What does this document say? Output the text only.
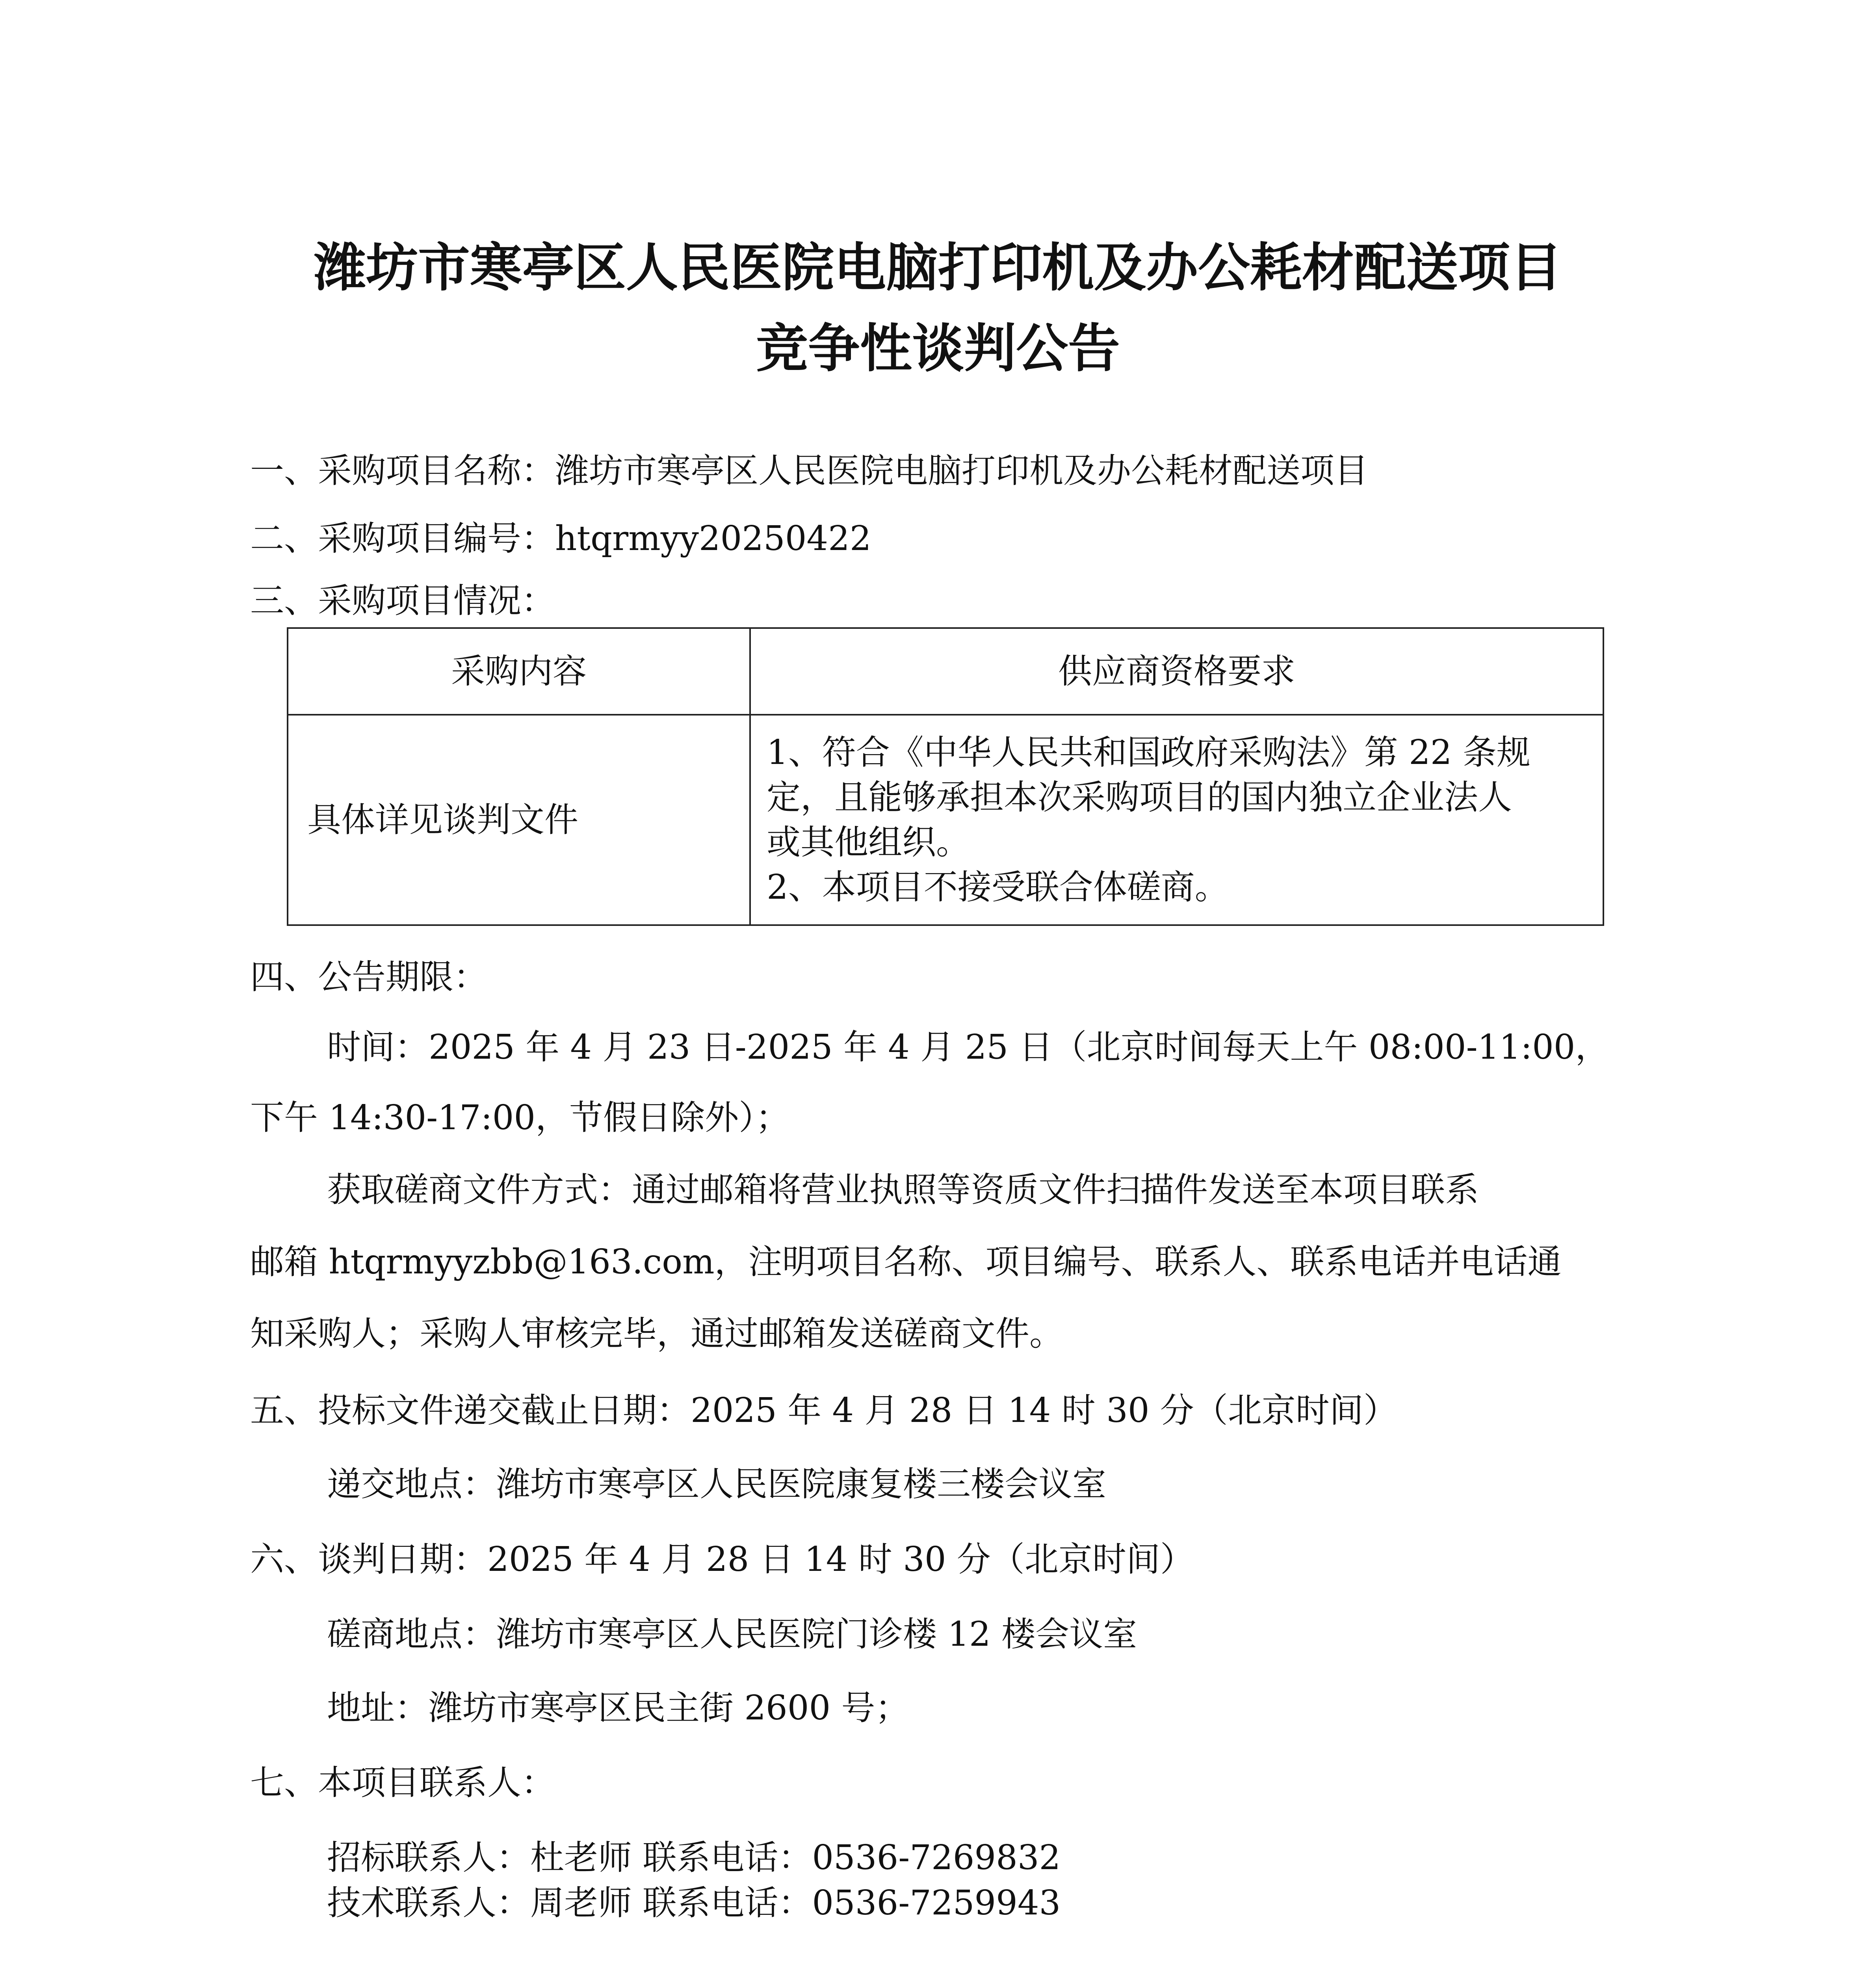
潍坊市寒亭区人民医院电脑打印机及办公耗材配送项目
竞争性谈判公告
一、采购项目名称：潍坊市寒亭区人民医院电脑打印机及办公耗材配送项目
二、采购项目编号：htqrmyy20250422
三、采购项目情况：
采购内容	供应商资格要求
具体详见谈判文件	1、符合《中华人民共和国政府采购法》第 22 条规
定，且能够承担本次采购项目的国内独立企业法人
或其他组织。
2、本项目不接受联合体磋商。
四、公告期限：
时间：2025 年 4 月 23 日-2025 年 4 月 25 日（北京时间每天上午 08:00-11:00，
下午 14:30-17:00，节假日除外）；
获取磋商文件方式：通过邮箱将营业执照等资质文件扫描件发送至本项目联系
邮箱 htqrmyyzbb@163.com，注明项目名称、项目编号、联系人、联系电话并电话通
知采购人；采购人审核完毕，通过邮箱发送磋商文件。
五、投标文件递交截止日期：2025 年 4 月 28 日 14 时 30 分（北京时间）
递交地点：潍坊市寒亭区人民医院康复楼三楼会议室
六、谈判日期：2025 年 4 月 28 日 14 时 30 分（北京时间）
磋商地点：潍坊市寒亭区人民医院门诊楼 12 楼会议室
地址：潍坊市寒亭区民主街 2600 号；
七、本项目联系人：
招标联系人：杜老师 联系电话：0536-7269832
技术联系人：周老师 联系电话：0536-7259943
